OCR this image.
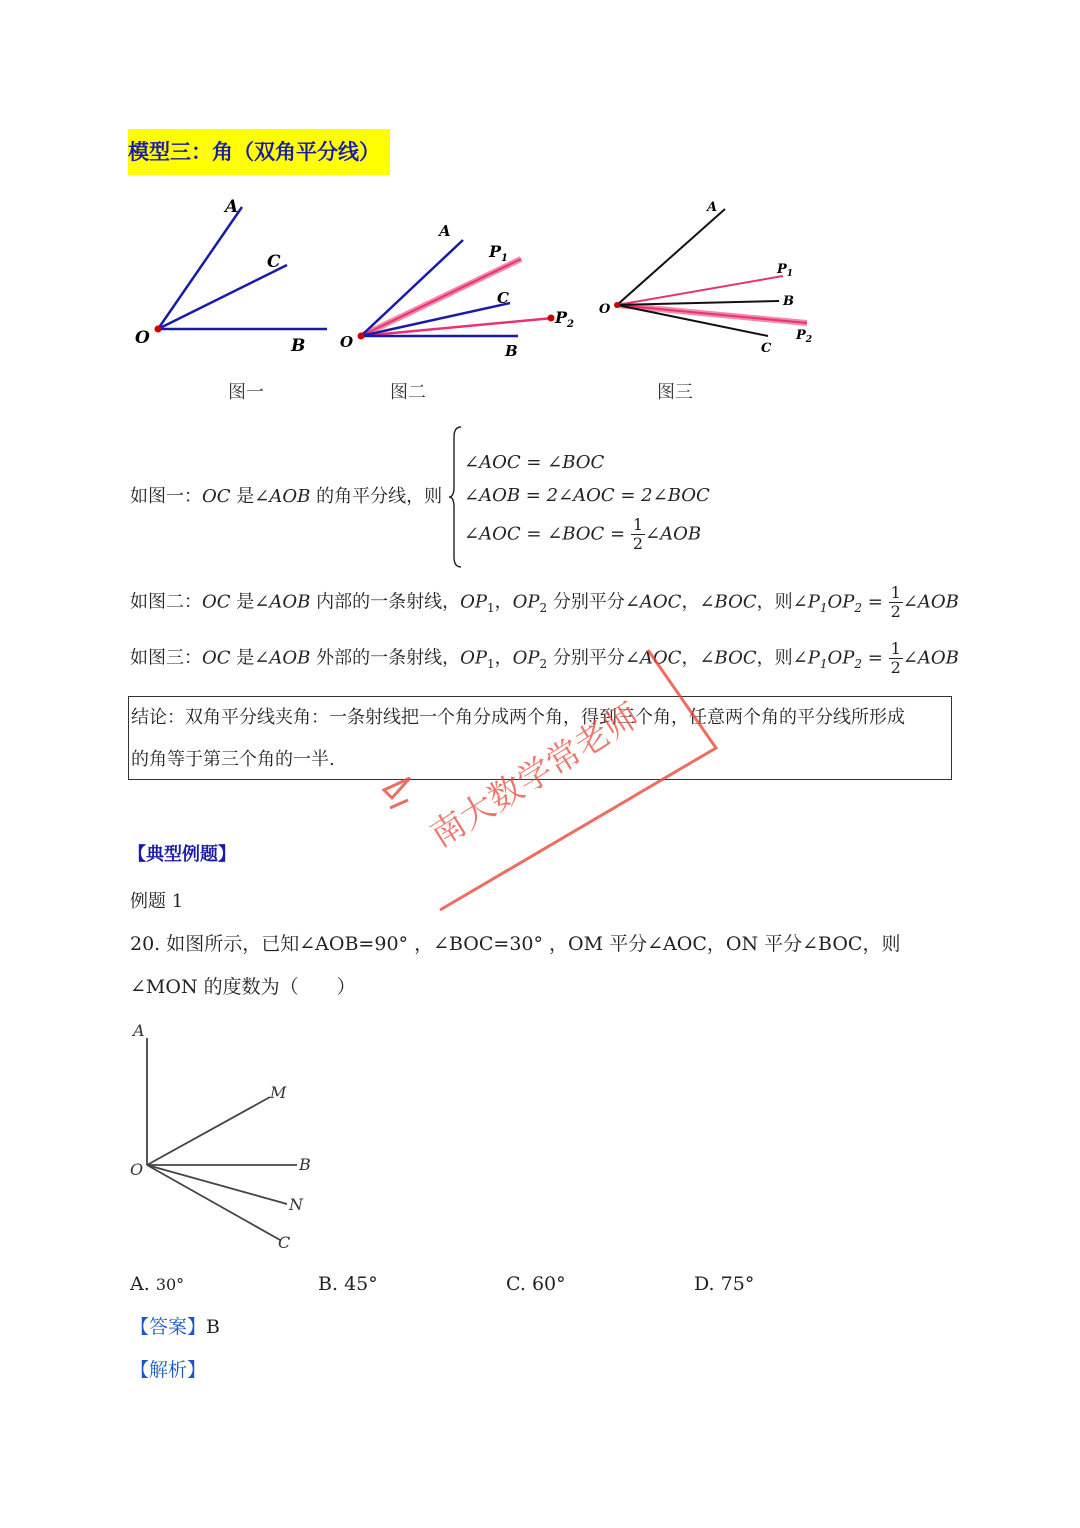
模型三：角（双角平分线）
A
C
O	B
图一
A
$P_1$
C
$P_2$
O	B
图二
A
$P_1$
O
B
$P_2$
C
图三
如图一：OC 是∠AOB 的角平分线，则
∠AOC = ∠BOC
∠AOB = 2∠AOC = 2∠BOC
∠AOC = ∠BOC = $\frac{1}{2}$ ∠AOB
如图二：OC 是∠AOB 内部的一条射线，$OP_1$，$OP_2$ 分别平分∠AOC，∠BOC，则$\angle P_1OP_2 = \frac{1}{2}$ ∠AOB
如图三：OC 是∠AOB 外部的一条射线，$OP_1$，$OP_2$ 分别平分∠AOC，∠BOC，则$\angle P_1OP_2 = \frac{1}{2}$ ∠AOB
结论：双角平分线夹角：一条射线把一个角分成两个角，得到三个角，任意两个角的平分线所形成
的角等于第三个角的一半.	南大数学常老师
【典型例题】
例题 1
20. 如图所示，已知∠AOB=90° ，∠BOC=30° ，OM 平分∠AOC，ON 平分∠BOC，则
∠MON 的度数为（　　）
A
M
O	B
N
C
A. 30°	B. 45°	C. 60°	D. 75°
【答案】B
【解析】
